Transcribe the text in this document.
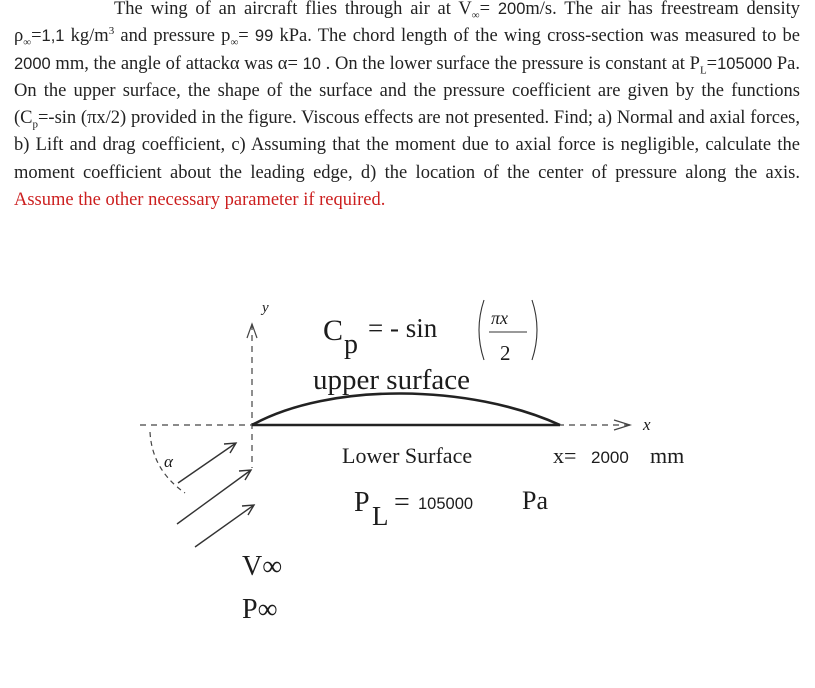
The wing of an aircraft flies through air at $V_\infty= 200m/s$. The air has freestream density $\rho_\infty=1,1$ $kg/m^3$ and pressure $p_\infty= 99$ kPa. The chord length of the wing cross-section was measured to be 2000 mm, the angle of attackα was α= 10 . On the lower surface the pressure is constant at $P_L=105000$ Pa. On the upper surface, the shape of the surface and the pressure coefficient are given by the functions ($C_p=-\sin$ (πx/2) provided in the figure. Viscous effects are not presented. Find; a) Normal and axial forces, b) Lift and drag coefficient, c) Assuming that the moment due to axial force is negligible, calculate the moment coefficient about the leading edge, d) the location of the center of pressure along the axis. Assume the other necessary parameter if required.

y
x
α
C p
= - sin	πx
2
upper surface
Lower Surface	x= 2000 mm
P L = 105000 Pa
V∞
P∞
